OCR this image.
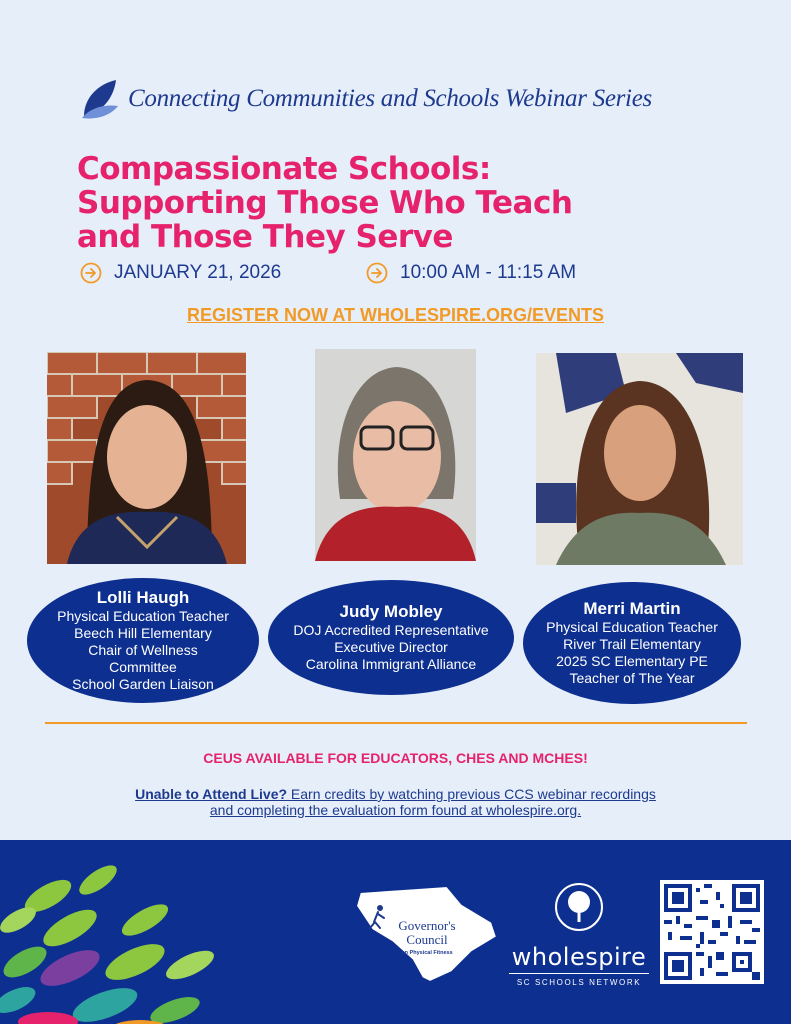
Connecting Communities and Schools Webinar Series
Compassionate Schools:
Supporting Those Who Teach
and Those They Serve
JANUARY 21, 2026	10:00 AM - 11:15 AM
REGISTER NOW AT WHOLESPIRE.ORG/EVENTS
Lolli Haugh
Physical Education Teacher
Beech Hill Elementary
Chair of Wellness
Committee
School Garden Liaison
Judy Mobley
DOJ Accredited Representative
Executive Director
Carolina Immigrant Alliance
Merri Martin
Physical Education Teacher
River Trail Elementary
2025 SC Elementary PE
Teacher of The Year
CEUS AVAILABLE FOR EDUCATORS, CHES AND MCHES!
Unable to Attend Live? Earn credits by watching previous CCS webinar recordings
and completing the evaluation form found at wholespire.org.
Governor's
Council
on Physical Fitness	wholespire
SC SCHOOLS NETWORK
